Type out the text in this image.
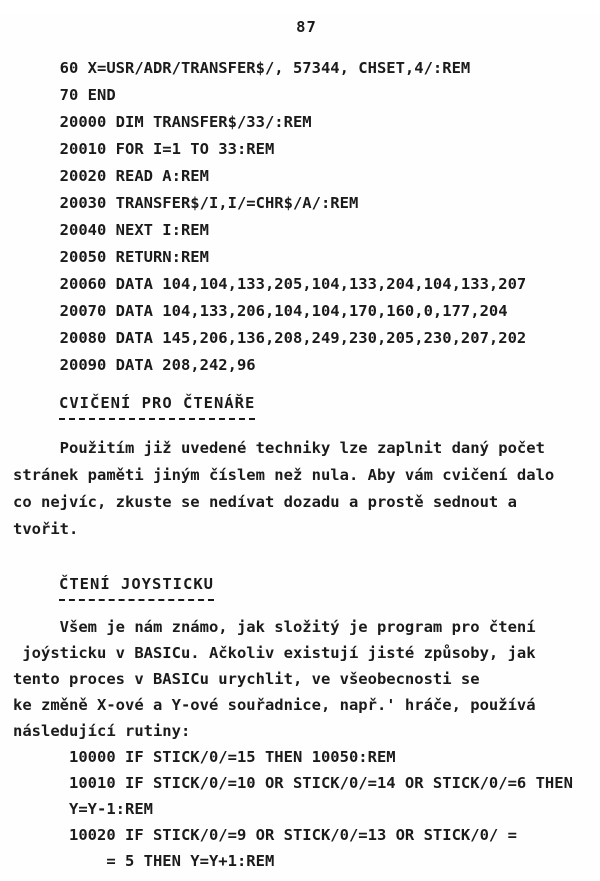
87
60 X=USR/ADR/TRANSFER$/, 57344, CHSET,4/:REM
70 END
20000 DIM TRANSFER$/33/:REM
20010 FOR I=1 TO 33:REM
20020 READ A:REM
20030 TRANSFER$/I,I/=CHR$/A/:REM
20040 NEXT I:REM
20050 RETURN:REM
20060 DATA 104,104,133,205,104,133,204,104,133,207
20070 DATA 104,133,206,104,104,170,160,0,177,204
20080 DATA 145,206,136,208,249,230,205,230,207,202
20090 DATA 208,242,96
CVIČENÍ PRO ČTENÁŘE
Použitím již uvedené techniky lze zaplnit daný počet
stránek paměti jiným číslem než nula. Aby vám cvičení dalo
co nejvíc, zkuste se nedívat dozadu a prostě sednout a
tvořit.
ČTENÍ JOYSTICKU
Všem je nám známo, jak složitý je program pro čtení
joýsticku v BASICu. Ačkoliv existují jisté způsoby, jak
tento proces v BASICu urychlit, ve všeobecnosti se
ke změně X-ové a Y-ové souřadnice, např.' hráče, používá
následující rutiny:
10000 IF STICK/0/=15 THEN 10050:REM
10010 IF STICK/0/=10 OR STICK/0/=14 OR STICK/0/=6 THEN
Y=Y-1:REM
10020 IF STICK/0/=9 OR STICK/0/=13 OR STICK/0/ =
= 5 THEN Y=Y+1:REM
